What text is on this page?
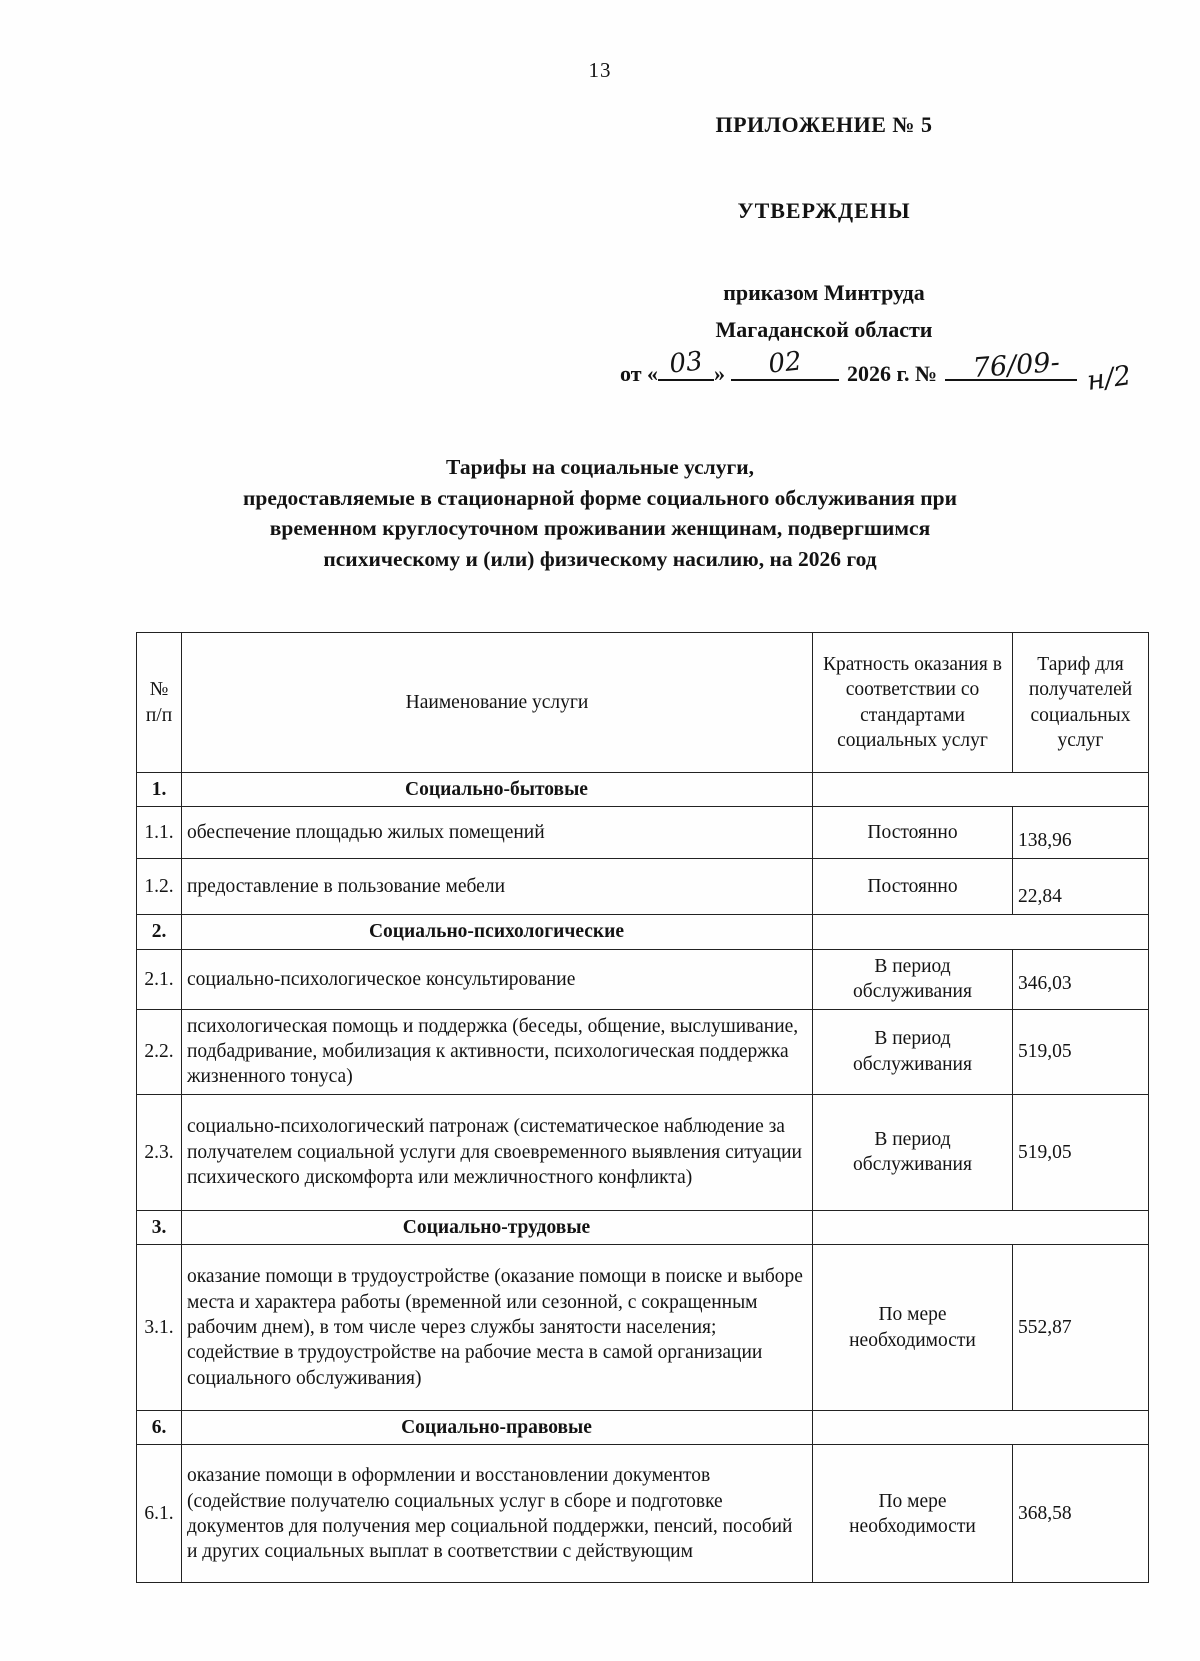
13
ПРИЛОЖЕНИЕ № 5
УТВЕРЖДЕНЫ
приказом Минтруда
Магаданской области
от « 03 » 02 2026 г. № 76/09- н/2
Тарифы на социальные услуги,
предоставляемые в стационарной форме социального обслуживания при
временном круглосуточном проживании женщинам, подвергшимся
психическому и (или) физическому насилию, на 2026 год
№ п/п	Наименование услуги	Кратность оказания в соответствии со стандартами социальных услуг	Тариф для получателей социальных услуг
1.	Социально-бытовые		
1.1.	обеспечение площадью жилых помещений	Постоянно	138,96
1.2.	предоставление в пользование мебели	Постоянно	22,84
2.	Социально-психологические		
2.1.	социально-психологическое консультирование	В период обслуживания	346,03
2.2.	психологическая помощь и поддержка (беседы, общение, выслушивание, подбадривание, мобилизация к активности, психологическая поддержка жизненного тонуса)	В период обслуживания	519,05
2.3.	социально-психологический патронаж (систематическое наблюдение за получателем социальной услуги для своевременного выявления ситуации психического дискомфорта или межличностного конфликта)	В период обслуживания	519,05
3.	Социально-трудовые		
3.1.	оказание помощи в трудоустройстве (оказание помощи в поиске и выборе места и характера работы (временной или сезонной, с сокращенным рабочим днем), в том числе через службы занятости населения; содействие в трудоустройстве на рабочие места в самой организации социального обслуживания)	По мере необходимости	552,87
6.	Социально-правовые		
6.1.	оказание помощи в оформлении и восстановлении документов (содействие получателю социальных услуг в сборе и подготовке документов для получения мер социальной поддержки, пенсий, пособий и других социальных выплат в соответствии с действующим	По мере необходимости	368,58
